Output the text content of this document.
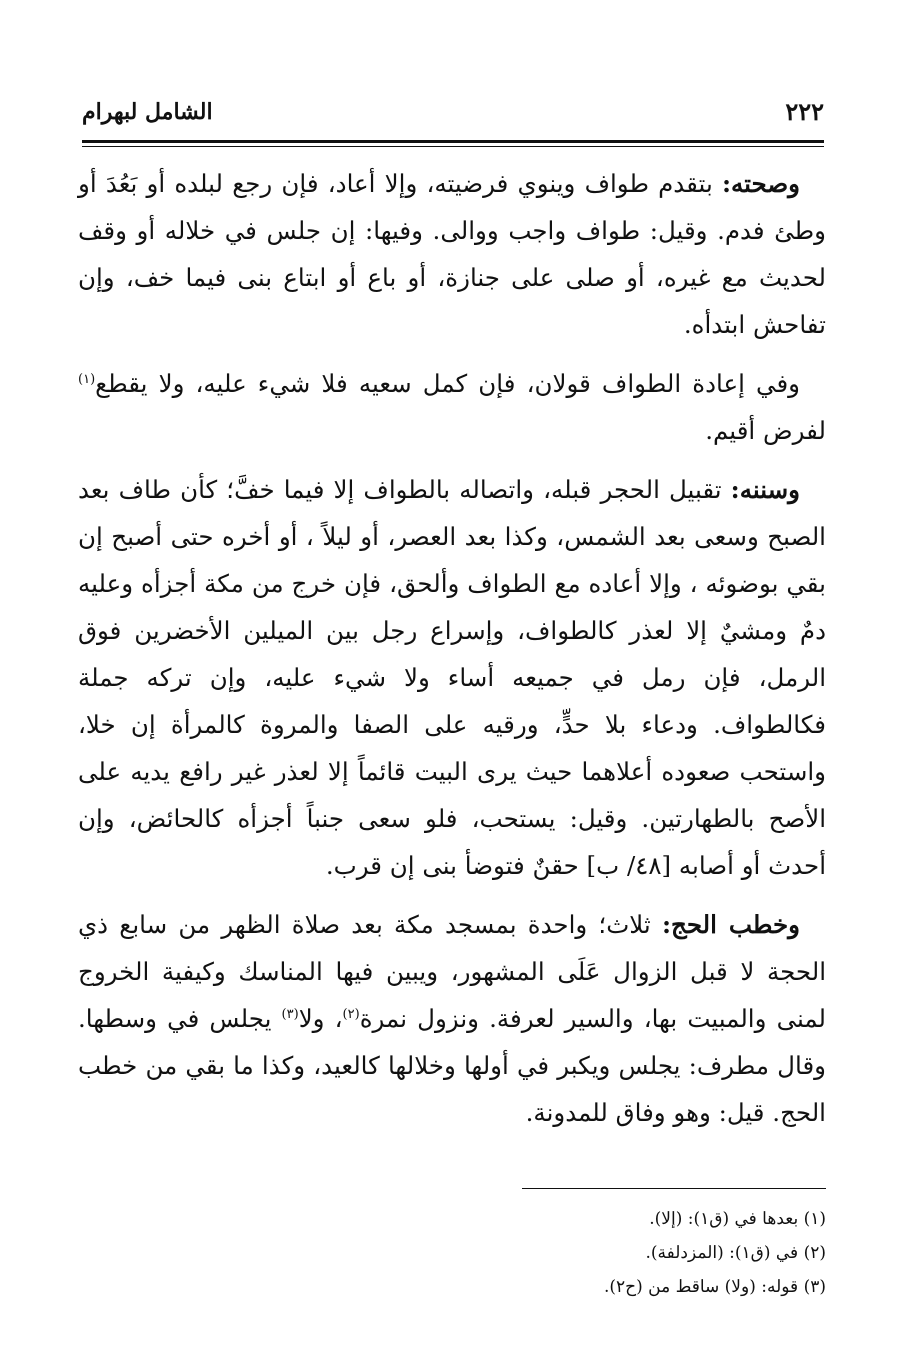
٢٢٢
الشامل لبهرام

وصحته: بتقدم طواف وينوي فرضيته، وإلا أعاد، فإن رجع لبلده أو بَعُدَ أو وطئ فدم. وقيل: طواف واجب ووالى. وفيها: إن جلس في خلاله أو وقف لحديث مع غيره، أو صلى على جنازة، أو باع أو ابتاع بنى فيما خف، وإن تفاحش ابتدأه.

وفي إعادة الطواف قولان، فإن كمل سعيه فلا شيء عليه، ولا يقطع$^{(١)}$ لفرض أقيم.

وسننه: تقبيل الحجر قبله، واتصاله بالطواف إلا فيما خفَّ؛ كأن طاف بعد الصبح وسعى بعد الشمس، وكذا بعد العصر، أو ليلاً ، أو أخره حتى أصبح إن بقي بوضوئه ، وإلا أعاده مع الطواف وألحق، فإن خرج من مكة أجزأه وعليه دمٌ ومشيٌ إلا لعذر كالطواف، وإسراع رجل بين الميلين الأخضرين فوق الرمل، فإن رمل في جميعه أساء ولا شيء عليه، وإن تركه جملة فكالطواف. ودعاء بلا حدٍّ، ورقيه على الصفا والمروة كالمرأة إن خلا، واستحب صعوده أعلاهما حيث يرى البيت قائماً إلا لعذر غير رافع يديه على الأصح بالطهارتين. وقيل: يستحب، فلو سعى جنباً أجزأه كالحائض، وإن أحدث أو أصابه [٤٨/ ب] حقنٌ فتوضأ بنى إن قرب.

وخطب الحج: ثلاث؛ واحدة بمسجد مكة بعد صلاة الظهر من سابع ذي الحجة لا قبل الزوال عَلَى المشهور، ويبين فيها المناسك وكيفية الخروج لمنى والمبيت بها، والسير لعرفة. ونزول نمرة$^{(٢)}$، ولا$^{(٣)}$ يجلس في وسطها. وقال مطرف: يجلس ويكبر في أولها وخلالها كالعيد، وكذا ما بقي من خطب الحج. قيل: وهو وفاق للمدونة.

(١) بعدها في (ق١): (إلا).
(٢) في (ق١): (المزدلفة).
(٣) قوله: (ولا) ساقط من (ح٢).
